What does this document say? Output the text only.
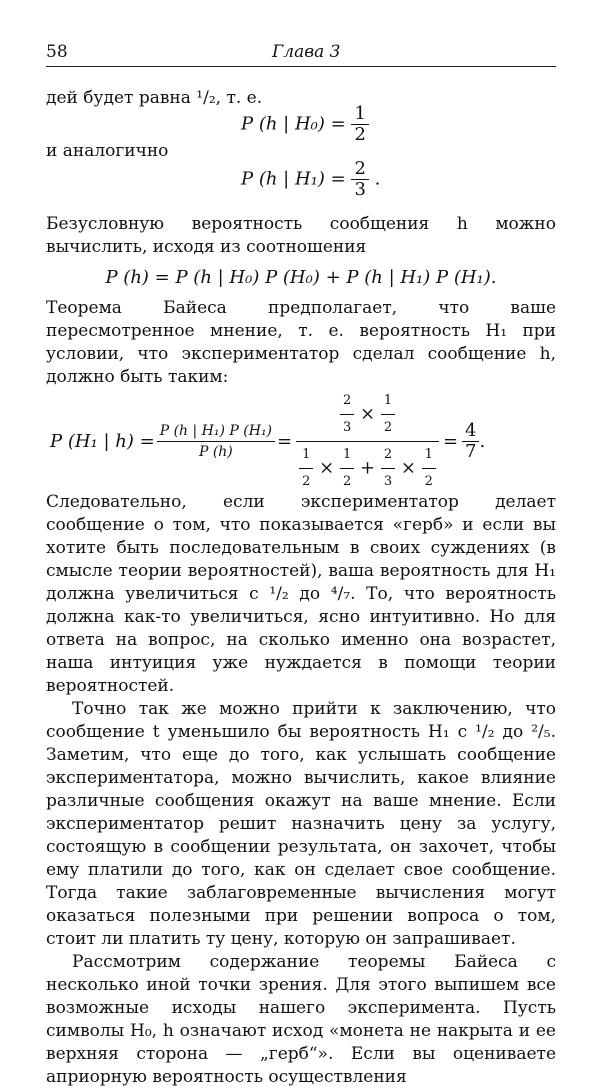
58	Глава 3
дей будет равна ¹/₂, т. е.
P (h | $H_0) = \frac{1}{2}$
и аналогично
P (h | $H_1) = \frac{2}{3}$ .

Безусловную вероятность сообщения h можно вычислить, исходя из соотношения

P (h) = P (h | H₀) P (H₀) + P (h | H₁) P (H₁).

Теорема Байеса предполагает, что ваше пересмотренное мнение, т. е. вероятность H₁ при условии, что экспериментатор сделал сообщение h, должно быть таким:

P (H₁ | $h) = \frac{\text{P (h | H₁) P (H₁)}}{P (h)}$ =
$\frac{2}{3} \times \frac{1}{2}$
$\frac{1}{2} \times \frac{1}{2} + \frac{2}{3} \times \frac{1}{2}$
= $\frac{4}{7}$ .

Следовательно, если экспериментатор делает сообщение о том, что показывается «герб» и если вы хотите быть последовательным в своих суждениях (в смысле теории вероятностей), ваша вероятность для H₁ должна увеличиться с ¹/₂ до ⁴/₇. То, что вероятность должна как-то увеличиться, ясно интуитивно. Но для ответа на вопрос, на сколько именно она возрастет, наша интуиция уже нуждается в помощи теории вероятностей.

Точно так же можно прийти к заключению, что сообщение t уменьшило бы вероятность H₁ с ¹/₂ до ²/₅. Заметим, что еще до того, как услышать сообщение экспериментатора, можно вычислить, какое влияние различные сообщения окажут на ваше мнение. Если экспериментатор решит назначить цену за услугу, состоящую в сообщении результата, он захочет, чтобы ему платили до того, как он сделает свое сообщение. Тогда такие заблаговременные вычисления могут оказаться полезными при решении вопроса о том, стоит ли платить ту цену, которую он запрашивает.

Рассмотрим содержание теоремы Байеса с несколько иной точки зрения. Для этого выпишем все возможные исходы нашего эксперимента. Пусть символы H₀, h означают исход «монета не накрыта и ее верхняя сторона — „герб“». Если вы оцениваете априорную вероятность осуществления
